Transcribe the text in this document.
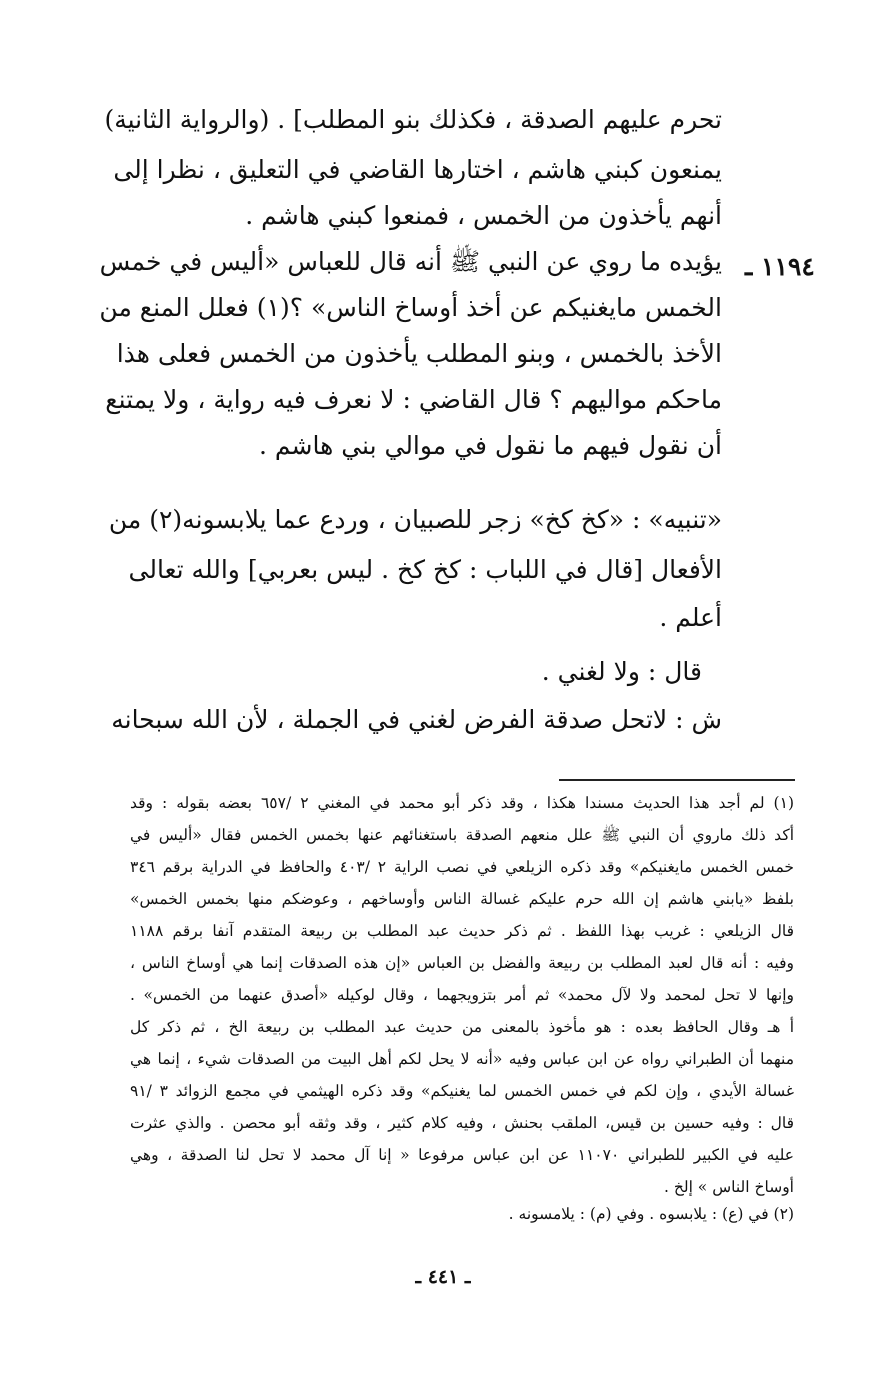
تحرم عليهم الصدقة ، فكذلك بنو المطلب] . (والرواية الثانية)

يمنعون كبني هاشم ، اختارها القاضي في التعليق ، نظرا إلى

أنهم يأخذون من الخمس ، فمنعوا كبني هاشم .

١١٩٤ ـ

يؤيده ما روي عن النبي ﷺ أنه قال للعباس «أليس في خمس

الخمس مايغنيكم عن أخذ أوساخ الناس» ؟(١) فعلل المنع من

الأخذ بالخمس ، وبنو المطلب يأخذون من الخمس فعلى هذا

ماحكم مواليهم ؟ قال القاضي : لا نعرف فيه رواية ، ولا يمتنع

أن نقول فيهم ما نقول في موالي بني هاشم .

«تنبيه» : «كخ كخ» زجر للصبيان ، وردع عما يلابسونه(٢) من

الأفعال [قال في اللباب : كخ كخ . ليس بعربي] والله تعالى

أعلم .

قال : ولا لغني .

ش : لاتحل صدقة الفرض لغني في الجملة ، لأن الله سبحانه

(١) لم أجد هذا الحديث مسندا هكذا ، وقد ذكر أبو محمد في المغني ٢ /٦٥٧ بعضه بقوله : وقد

أكد ذلك ماروي أن النبي ﷺ علل منعهم الصدقة باستغنائهم عنها بخمس الخمس فقال «أليس في

خمس الخمس مايغنيكم» وقد ذكره الزيلعي في نصب الراية ٢ /٤٠٣ والحافظ في الدراية برقم ٣٤٦

بلفظ «يابني هاشم إن الله حرم عليكم غسالة الناس وأوساخهم ، وعوضكم منها بخمس الخمس»

قال الزيلعي : غريب بهذا اللفظ . ثم ذكر حديث عبد المطلب بن ربيعة المتقدم آنفا برقم ١١٨٨

وفيه : أنه قال لعبد المطلب بن ربيعة والفضل بن العباس «إن هذه الصدقات إنما هي أوساخ الناس ،

وإنها لا تحل لمحمد ولا لآل محمد» ثم أمر بتزويجهما ، وقال لوكيله «أصدق عنهما من الخمس» .

أ هـ وقال الحافظ بعده : هو مأخوذ بالمعنى من حديث عبد المطلب بن ربيعة الخ ، ثم ذكر كل

منهما أن الطبراني رواه عن ابن عباس وفيه «أنه لا يحل لكم أهل البيت من الصدقات شيء ، إنما هي

غسالة الأيدي ، وإن لكم في خمس الخمس لما يغنيكم» وقد ذكره الهيثمي في مجمع الزوائد ٣ /٩١

قال : وفيه حسين بن قيس، الملقب بحنش ، وفيه كلام كثير ، وقد وثقه أبو محصن . والذي عثرت

عليه في الكبير للطبراني ١١٠٧٠ عن ابن عباس مرفوعا « إنا آل محمد لا تحل لنا الصدقة ، وهي

أوساخ الناس » إلخ .

(٢) في (ع) : يلابسوه . وفي (م) : يلامسونه .

ـ ٤٤١ ـ
